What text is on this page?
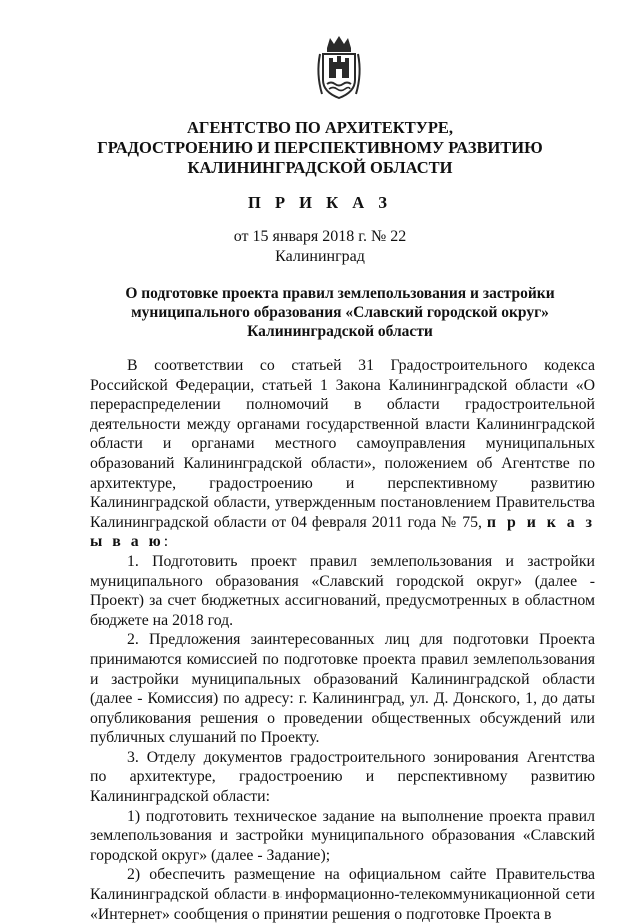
АГЕНТСТВО ПО АРХИТЕКТУРЕ,
ГРАДОСТРОЕНИЮ И ПЕРСПЕКТИВНОМУ РАЗВИТИЮ
КАЛИНИНГРАДСКОЙ ОБЛАСТИ
П Р И К А З
от 15 января 2018 г. № 22
Калининград
О подготовке проекта правил землепользования и застройки
муниципального образования «Славский городской округ»
Калининградской области

В соответствии со статьей 31 Градостроительного кодекса Российской Федерации, статьей 1 Закона Калининградской области «О перераспределении полномочий в области градостроительной деятельности между органами государственной власти Калининградской области и органами местного самоуправления муниципальных образований Калининградской области», положением об Агентстве по архитектуре, градостроению и перспективному развитию Калининградской области, утвержденным постановлением Правительства Калининградской области от 04 февраля 2011 года № 75, п р и к а з ы в а ю:

1. Подготовить проект правил землепользования и застройки муниципального образования «Славский городской округ» (далее - Проект) за счет бюджетных ассигнований, предусмотренных в областном бюджете на 2018 год.

2. Предложения заинтересованных лиц для подготовки Проекта принимаются комиссией по подготовке проекта правил землепользования и застройки муниципальных образований Калининградской области (далее - Комиссия) по адресу: г. Калининград, ул. Д. Донского, 1, до даты опубликования решения о проведении общественных обсуждений или публичных слушаний по Проекту.

3. Отделу документов градостроительного зонирования Агентства по архитектуре, градостроению и перспективному развитию Калининградской области:

1) подготовить техническое задание на выполнение проекта правил землепользования и застройки муниципального образования «Славский городской округ» (далее - Задание);

2) обеспечить размещение на официальном сайте Правительства Калининградской области в информационно-телекоммуникационной сети «Интернет» сообщения о принятии решения о подготовке Проекта в
